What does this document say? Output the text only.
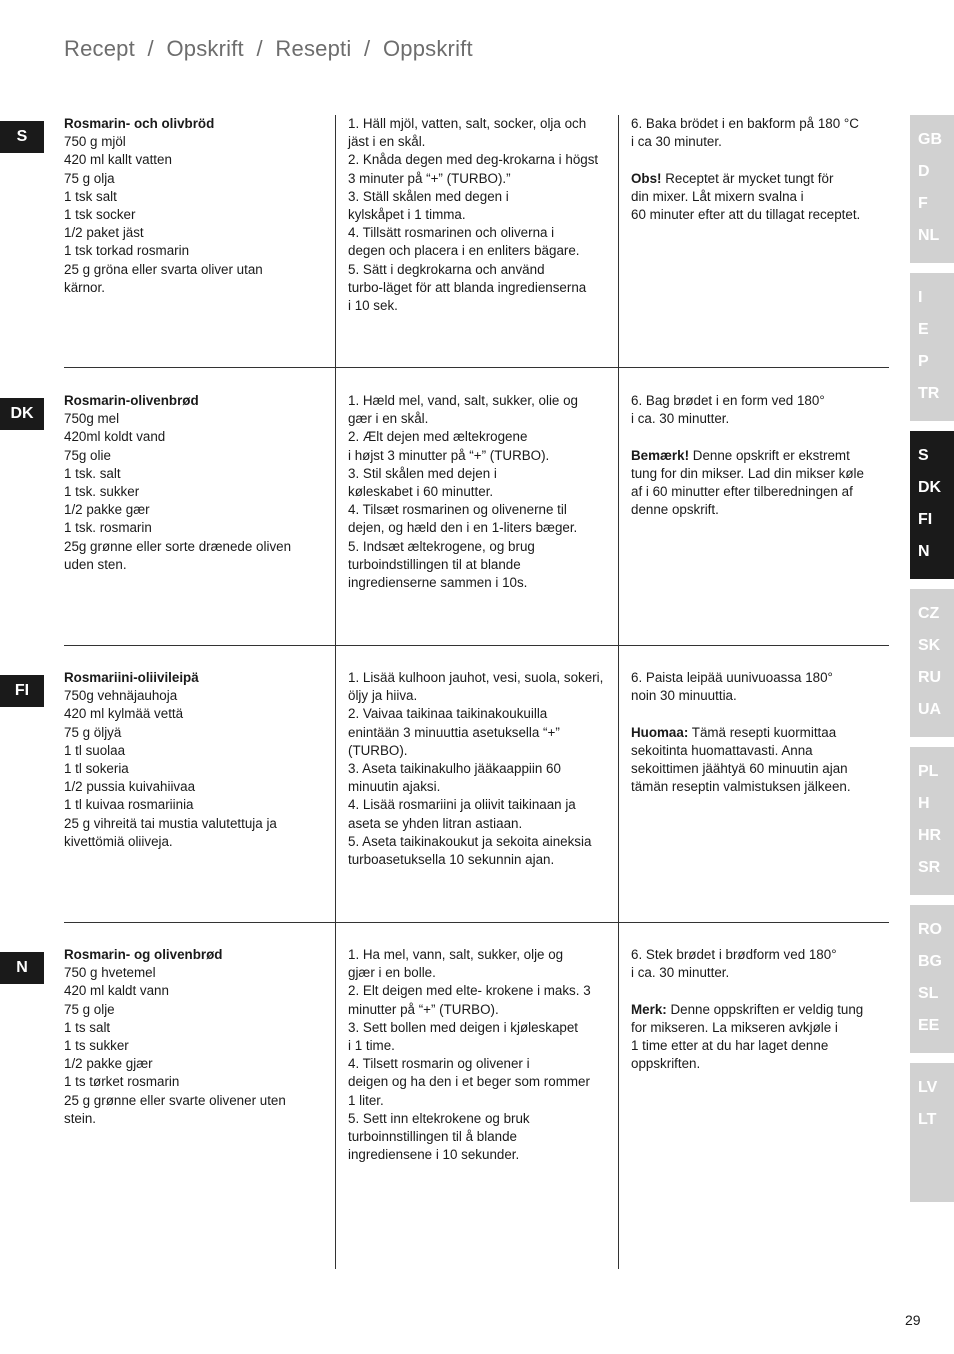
Recept  /  Opskrift  /  Resepti  /  Oppskrift
S
Rosmarin- och olivbröd
750 g mjöl
420 ml kallt vatten
75 g olja
1 tsk salt
1 tsk socker
1/2 paket jäst
1 tsk torkad rosmarin
25 g gröna eller svarta oliver utan
kärnor.
1. Häll mjöl, vatten, salt, socker, olja och
jäst i en skål.
2. Knåda degen med deg-krokarna i högst
3 minuter på “+” (TURBO).”
3. Ställ skålen med degen i
kylskåpet i 1 timma.
4. Tillsätt rosmarinen och oliverna i
degen och placera i en enliters bägare.
5. Sätt i degkrokarna och använd
turbo-läget för att blanda ingredienserna
i 10 sek.
6. Baka brödet i en bakform på 180 °C
i ca 30 minuter.
Obs! Receptet är mycket tungt för
din mixer. Låt mixern svalna i
60 minuter efter att du tillagat receptet.
DK
Rosmarin-olivenbrød
750g mel
420ml koldt vand
75g olie
1 tsk. salt
1 tsk. sukker
1/2 pakke gær
1 tsk. rosmarin
25g grønne eller sorte drænede oliven
uden sten.
1. Hæld mel, vand, salt, sukker, olie og
gær i en skål.
2. Ælt dejen med æltekrogene
i højst 3 minutter på “+” (TURBO).
3. Stil skålen med dejen i
køleskabet i 60 minutter.
4. Tilsæt rosmarinen og olivenerne til
dejen, og hæld den i en 1-liters bæger.
5. Indsæt æltekrogene, og brug
turboindstillingen til at blande
ingredienserne sammen i 10s.
6. Bag brødet i en form ved 180°
i ca. 30 minutter.
Bemærk! Denne opskrift er ekstremt
tung for din mikser. Lad din mikser køle
af i 60 minutter efter tilberedningen af
denne opskrift.
FI
Rosmariini-oliivileipä
750g vehnäjauhoja
420 ml kylmää vettä
75 g öljyä
1 tl suolaa
1 tl sokeria
1/2 pussia kuivahiivaa
1 tl kuivaa rosmariinia
25 g vihreitä tai mustia valutettuja ja
kivettömiä oliiveja.
1. Lisää kulhoon jauhot, vesi, suola, sokeri,
öljy ja hiiva.
2. Vaivaa taikinaa taikinakoukuilla
enintään 3 minuuttia asetuksella “+”
(TURBO).
3. Aseta taikinakulho jääkaappiin 60
minuutin ajaksi.
4. Lisää rosmariini ja oliivit taikinaan ja
aseta se yhden litran astiaan.
5. Aseta taikinakoukut ja sekoita aineksia
turboasetuksella 10 sekunnin ajan.
6. Paista leipää uunivuoassa 180°
noin 30 minuuttia.
Huomaa: Tämä resepti kuormittaa
sekoitinta huomattavasti. Anna
sekoittimen jäähtyä 60 minuutin ajan
tämän reseptin valmistuksen jälkeen.
N
Rosmarin- og olivenbrød
750 g hvetemel
420 ml kaldt vann
75 g olje
1 ts salt
1 ts sukker
1/2 pakke gjær
1 ts tørket rosmarin
25 g grønne eller svarte olivener uten
stein.
1. Ha mel, vann, salt, sukker, olje og
gjær i en bolle.
2. Elt deigen med elte- krokene i maks. 3
minutter på “+” (TURBO).
3. Sett bollen med deigen i kjøleskapet
i 1 time.
4. Tilsett rosmarin og olivener i
deigen og ha den i et beger som rommer
1 liter.
5. Sett inn eltekrokene og bruk
turboinnstillingen til å blande
ingrediensene i 10 sekunder.
6. Stek brødet i brødform ved 180°
i ca. 30 minutter.
Merk: Denne oppskriften er veldig tung
for mikseren. La mikseren avkjøle i
1 time etter at du har laget denne
oppskriften.
GB
D
F
NL
I
E
P
TR
S
DK
FI
N
CZ
SK
RU
UA
PL
H
HR
SR
RO
BG
SL
EE
LV
LT
29
